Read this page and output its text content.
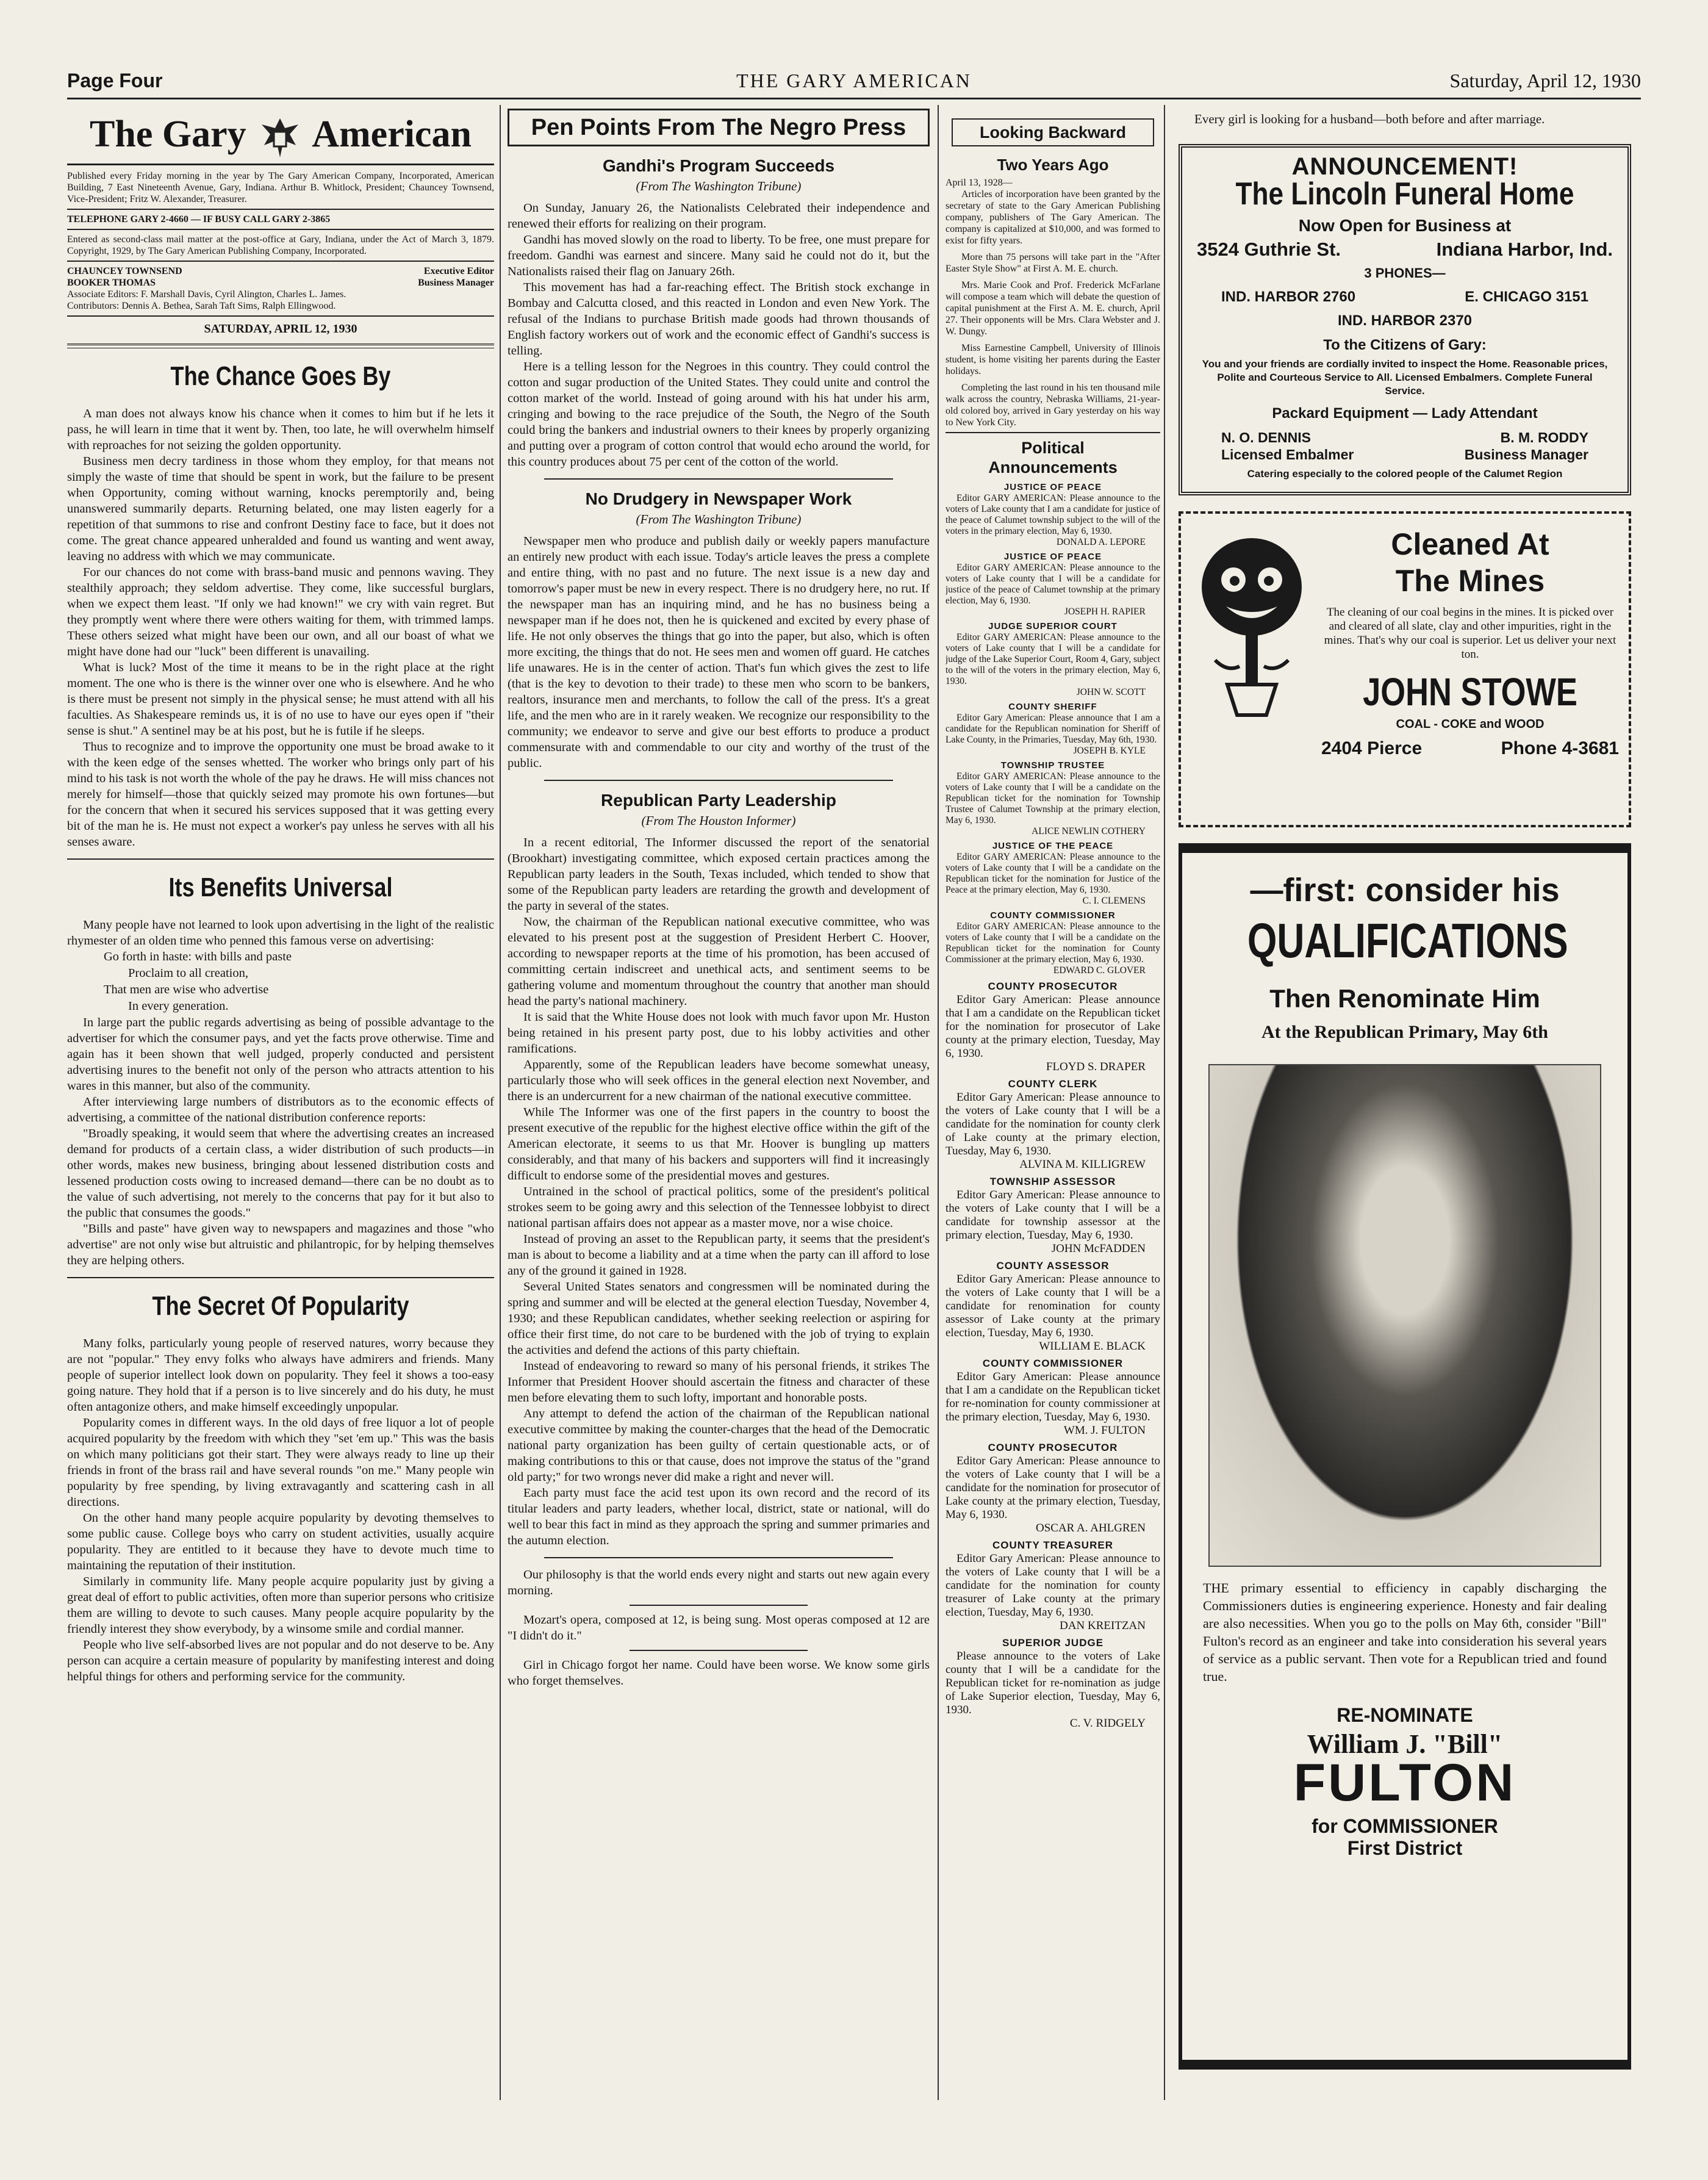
Page Four	THE GARY AMERICAN	Saturday, April 12, 1930
The Gary American

Published every Friday morning in the year by The Gary American Company, Incorporated, American Building, 7 East Nineteenth Avenue, Gary, Indiana. Arthur B. Whitlock, President; Chauncey Townsend, Vice-President; Fritz W. Alexander, Treasurer.

TELEPHONE GARY 2-4660 — IF BUSY CALL GARY 2-3865

Entered as second-class mail matter at the post-office at Gary, Indiana, under the Act of March 3, 1879. Copyright, 1929, by The Gary American Publishing Company, Incorporated.

CHAUNCEY TOWNSEND	Executive Editor
BOOKER THOMAS	Business Manager

Associate Editors: F. Marshall Davis, Cyril Alington, Charles L. James.

Contributors: Dennis A. Bethea, Sarah Taft Sims, Ralph Ellingwood.

SATURDAY, APRIL 12, 1930
The Chance Goes By

A man does not always know his chance when it comes to him but if he lets it pass, he will learn in time that it went by. Then, too late, he will overwhelm himself with reproaches for not seizing the golden opportunity.

Business men decry tardiness in those whom they employ, for that means not simply the waste of time that should be spent in work, but the failure to be present when Opportunity, coming without warning, knocks peremptorily and, being unanswered summarily departs. Returning belated, one may listen eagerly for a repetition of that summons to rise and confront Destiny face to face, but it does not come. The great chance appeared unheralded and found us wanting and went away, leaving no address with which we may communicate.

For our chances do not come with brass-band music and pennons waving. They stealthily approach; they seldom advertise. They come, like successful burglars, when we expect them least. "If only we had known!" we cry with vain regret. But they promptly went where there were others waiting for them, with trimmed lamps. These others seized what might have been our own, and all our boast of what we might have done had our "luck" been different is unavailing.

What is luck? Most of the time it means to be in the right place at the right moment. The one who is there is the winner over one who is elsewhere. And he who is there must be present not simply in the physical sense; he must attend with all his faculties. As Shakespeare reminds us, it is of no use to have our eyes open if "their sense is shut." A sentinel may be at his post, but he is futile if he sleeps.

Thus to recognize and to improve the opportunity one must be broad awake to it with the keen edge of the senses whetted. The worker who brings only part of his mind to his task is not worth the whole of the pay he draws. He will miss chances not merely for himself—those that quickly seized may promote his own fortunes—but for the concern that when it secured his services supposed that it was getting every bit of the man he is. He must not expect a worker's pay unless he serves with all his senses aware.

Its Benefits Universal

Many people have not learned to look upon advertising in the light of the realistic rhymester of an olden time who penned this famous verse on advertising:

Go forth in haste: with bills and paste
Proclaim to all creation,
That men are wise who advertise
In every generation.

In large part the public regards advertising as being of possible advantage to the advertiser for which the consumer pays, and yet the facts prove otherwise. Time and again has it been shown that well judged, properly conducted and persistent advertising inures to the benefit not only of the person who attracts attention to his wares in this manner, but also of the community.

After interviewing large numbers of distributors as to the economic effects of advertising, a committee of the national distribution conference reports:

"Broadly speaking, it would seem that where the advertising creates an increased demand for products of a certain class, a wider distribution of such products—in other words, makes new business, bringing about lessened distribution costs and lessened production costs owing to increased demand—there can be no doubt as to the value of such advertising, not merely to the concerns that pay for it but also to the public that consumes the goods."

"Bills and paste" have given way to newspapers and magazines and those "who advertise" are not only wise but altruistic and philantropic, for by helping themselves they are helping others.

The Secret Of Popularity

Many folks, particularly young people of reserved natures, worry because they are not "popular." They envy folks who always have admirers and friends. Many people of superior intellect look down on popularity. They feel it shows a too-easy going nature. They hold that if a person is to live sincerely and do his duty, he must often antagonize others, and make himself exceedingly unpopular.

Popularity comes in different ways. In the old days of free liquor a lot of people acquired popularity by the freedom with which they "set 'em up." This was the basis on which many politicians got their start. They were always ready to line up their friends in front of the brass rail and have several rounds "on me." Many people win popularity by free spending, by living extravagantly and scattering cash in all directions.

On the other hand many people acquire popularity by devoting themselves to some public cause. College boys who carry on student activities, usually acquire popularity. They are entitled to it because they have to devote much time to maintaining the reputation of their institution.

Similarly in community life. Many people acquire popularity just by giving a great deal of effort to public activities, often more than superior persons who critisize them are willing to devote to such causes. Many people acquire popularity by the friendly interest they show everybody, by a winsome smile and cordial manner.

People who live self-absorbed lives are not popular and do not deserve to be. Any person can acquire a certain measure of popularity by manifesting interest and doing helpful things for others and performing service for the community.

Pen Points From The Negro Press
Gandhi's Program Succeeds
(From The Washington Tribune)

On Sunday, January 26, the Nationalists Celebrated their independence and renewed their efforts for realizing on their program.

Gandhi has moved slowly on the road to liberty. To be free, one must prepare for freedom. Gandhi was earnest and sincere. Many said he could not do it, but the Nationalists raised their flag on January 26th.

This movement has had a far-reaching effect. The British stock exchange in Bombay and Calcutta closed, and this reacted in London and even New York. The refusal of the Indians to purchase British made goods had thrown thousands of English factory workers out of work and the economic effect of Gandhi's success is telling.

Here is a telling lesson for the Negroes in this country. They could control the cotton and sugar production of the United States. They could unite and control the cotton market of the world. Instead of going around with his hat under his arm, cringing and bowing to the race prejudice of the South, the Negro of the South could bring the bankers and industrial owners to their knees by properly organizing and putting over a program of cotton control that would echo around the world, for this country produces about 75 per cent of the cotton of the world.

No Drudgery in Newspaper Work
(From The Washington Tribune)

Newspaper men who produce and publish daily or weekly papers manufacture an entirely new product with each issue. Today's article leaves the press a complete and entire thing, with no past and no future. The next issue is a new day and tomorrow's paper must be new in every respect. There is no drudgery here, no rut. If the newspaper man has an inquiring mind, and he has no business being a newspaper man if he does not, then he is quickened and excited by every phase of life. He not only observes the things that go into the paper, but also, which is often more exciting, the things that do not. He sees men and women off guard. He catches life unawares. He is in the center of action. That's fun which gives the zest to life (that is the key to devotion to their trade) to these men who scorn to be bankers, realtors, insurance men and merchants, to follow the call of the press. It's a great life, and the men who are in it rarely weaken. We recognize our responsibility to the community; we endeavor to serve and give our best efforts to produce a product commensurate with and commendable to our city and worthy of the trust of the public.

Republican Party Leadership
(From The Houston Informer)

In a recent editorial, The Informer discussed the report of the senatorial (Brookhart) investigating committee, which exposed certain practices among the Republican party leaders in the South, Texas included, which tended to show that some of the Republican party leaders are retarding the growth and development of the party in several of the states.

Now, the chairman of the Republican national executive committee, who was elevated to his present post at the suggestion of President Herbert C. Hoover, according to newspaper reports at the time of his promotion, has been accused of committing certain indiscreet and unethical acts, and sentiment seems to be gathering volume and momentum throughout the country that another man should head the party's national machinery.

It is said that the White House does not look with much favor upon Mr. Huston being retained in his present party post, due to his lobby activities and other ramifications.

Apparently, some of the Republican leaders have become somewhat uneasy, particularly those who will seek offices in the general election next November, and there is an undercurrent for a new chairman of the national executive committee.

While The Informer was one of the first papers in the country to boost the present executive of the republic for the highest elective office within the gift of the American electorate, it seems to us that Mr. Hoover is bungling up matters considerably, and that many of his backers and supporters will find it increasingly difficult to endorse some of the presidential moves and gestures.

Untrained in the school of practical politics, some of the president's political strokes seem to be going awry and this selection of the Tennessee lobbyist to direct national partisan affairs does not appear as a master move, nor a wise choice.

Instead of proving an asset to the Republican party, it seems that the president's man is about to become a liability and at a time when the party can ill afford to lose any of the ground it gained in 1928.

Several United States senators and congressmen will be nominated during the spring and summer and will be elected at the general election Tuesday, November 4, 1930; and these Republican candidates, whether seeking reelection or aspiring for office their first time, do not care to be burdened with the job of trying to explain the activities and defend the actions of this party chieftain.

Instead of endeavoring to reward so many of his personal friends, it strikes The Informer that President Hoover should ascertain the fitness and character of these men before elevating them to such lofty, important and honorable posts.

Any attempt to defend the action of the chairman of the Republican national executive committee by making the counter-charges that the head of the Democratic national party organization has been guilty of certain questionable acts, or of making contributions to this or that cause, does not improve the status of the "grand old party;" for two wrongs never did make a right and never will.

Each party must face the acid test upon its own record and the record of its titular leaders and party leaders, whether local, district, state or national, will do well to bear this fact in mind as they approach the spring and summer primaries and the autumn election.

Our philosophy is that the world ends every night and starts out new again every morning.

Mozart's opera, composed at 12, is being sung. Most operas composed at 12 are "I didn't do it."

Girl in Chicago forgot her name. Could have been worse. We know some girls who forget themselves.

Looking Backward
Two Years Ago
April 13, 1928—

Articles of incorporation have been granted by the secretary of state to the Gary American Publishing company, publishers of The Gary American. The company is capitalized at $10,000, and was formed to exist for fifty years.

More than 75 persons will take part in the "After Easter Style Show" at First A. M. E. church.

Mrs. Marie Cook and Prof. Frederick McFarlane will compose a team which will debate the question of capital punishment at the First A. M. E. church, April 27. Their opponents will be Mrs. Clara Webster and J. W. Dungy.

Miss Earnestine Campbell, University of Illinois student, is home visiting her parents during the Easter holidays.

Completing the last round in his ten thousand mile walk across the country, Nebraska Williams, 21-year-old colored boy, arrived in Gary yesterday on his way to New York City.

Political Announcements
JUSTICE OF PEACE

Editor GARY AMERICAN: Please announce to the voters of Lake county that I am a candidate for justice of the peace of Calumet township subject to the will of the voters in the primary election, May 6, 1930.

DONALD A. LEPORE
JUSTICE OF PEACE

Editor GARY AMERICAN: Please announce to the voters of Lake county that I will be a candidate for justice of the peace of Calumet township at the primary election, May 6, 1930.

JOSEPH H. RAPIER
JUDGE SUPERIOR COURT

Editor GARY AMERICAN: Please announce to the voters of Lake county that I will be a candidate for judge of the Lake Superior Court, Room 4, Gary, subject to the will of the voters in the primary election, May 6, 1930.

JOHN W. SCOTT
COUNTY SHERIFF

Editor Gary American: Please announce that I am a candidate for the Republican nomination for Sheriff of Lake County, in the Primaries, Tuesday, May 6th, 1930.

JOSEPH B. KYLE
TOWNSHIP TRUSTEE

Editor GARY AMERICAN: Please announce to the voters of Lake county that I will be a candidate on the Republican ticket for the nomination for Township Trustee of Calumet Township at the primary election, May 6, 1930.

ALICE NEWLIN COTHERY
JUSTICE OF THE PEACE

Editor GARY AMERICAN: Please announce to the voters of Lake county that I will be a candidate on the Republican ticket for the nomination for Justice of the Peace at the primary election, May 6, 1930.

C. I. CLEMENS
COUNTY COMMISSIONER

Editor GARY AMERICAN: Please announce to the voters of Lake county that I will be a candidate on the Republican ticket for the nomination for County Commissioner at the primary election, May 6, 1930.

EDWARD C. GLOVER
COUNTY PROSECUTOR

Editor Gary American: Please announce that I am a candidate on the Republican ticket for the nomination for prosecutor of Lake county at the primary election, Tuesday, May 6, 1930.

FLOYD S. DRAPER
COUNTY CLERK

Editor Gary American: Please announce to the voters of Lake county that I will be a candidate for the nomination for county clerk of Lake county at the primary election, Tuesday, May 6, 1930.

ALVINA M. KILLIGREW
TOWNSHIP ASSESSOR

Editor Gary American: Please announce to the voters of Lake county that I will be a candidate for township assessor at the primary election, Tuesday, May 6, 1930.

JOHN McFADDEN
COUNTY ASSESSOR

Editor Gary American: Please announce to the voters of Lake county that I will be a candidate for renomination for county assessor of Lake county at the primary election, Tuesday, May 6, 1930.

WILLIAM E. BLACK
COUNTY COMMISSIONER

Editor Gary American: Please announce that I am a candidate on the Republican ticket for re-nomination for county commissioner at the primary election, Tuesday, May 6, 1930.

WM. J. FULTON
COUNTY PROSECUTOR

Editor Gary American: Please announce to the voters of Lake county that I will be a candidate for the nomination for prosecutor of Lake county at the primary election, Tuesday, May 6, 1930.

OSCAR A. AHLGREN
COUNTY TREASURER

Editor Gary American: Please announce to the voters of Lake county that I will be a candidate for the nomination for county treasurer of Lake county at the primary election, Tuesday, May 6, 1930.

DAN KREITZAN
SUPERIOR JUDGE

Please announce to the voters of Lake county that I will be a candidate for the Republican ticket for re-nomination as judge of Lake Superior election, Tuesday, May 6, 1930.

C. V. RIDGELY

Every girl is looking for a husband—both before and after marriage.

ANNOUNCEMENT!
The Lincoln Funeral Home
Now Open for Business at
3524 Guthrie St.	Indiana Harbor, Ind.
3 PHONES—
IND. HARBOR 2760	E. CHICAGO 3151
IND. HARBOR 2370
To the Citizens of Gary:
You and your friends are cordially invited to inspect the Home. Reasonable prices, Polite and Courteous Service to All. Licensed Embalmers. Complete Funeral Service.
Packard Equipment — Lady Attendant
N. O. DENNIS	B. M. RODDY
Licensed Embalmer	Business Manager
Catering especially to the colored people of the Calumet Region
Cleaned At
The Mines
The cleaning of our coal begins in the mines. It is picked over and cleared of all slate, clay and other impurities, right in the mines. That's why our coal is superior. Let us deliver your next ton.
JOHN STOWE
COAL - COKE and WOOD
2404 Pierce	Phone 4-3681
—first: consider his
QUALIFICATIONS
Then Renominate Him
At the Republican Primary, May 6th
THE primary essential to efficiency in capably discharging the Commissioners duties is engineering experience. Honesty and fair dealing are also necessities. When you go to the polls on May 6th, consider "Bill" Fulton's record as an engineer and take into consideration his several years of service as a public servant. Then vote for a Republican tried and found true.
RE-NOMINATE
William J. "Bill"
FULTON
for COMMISSIONER
First District
